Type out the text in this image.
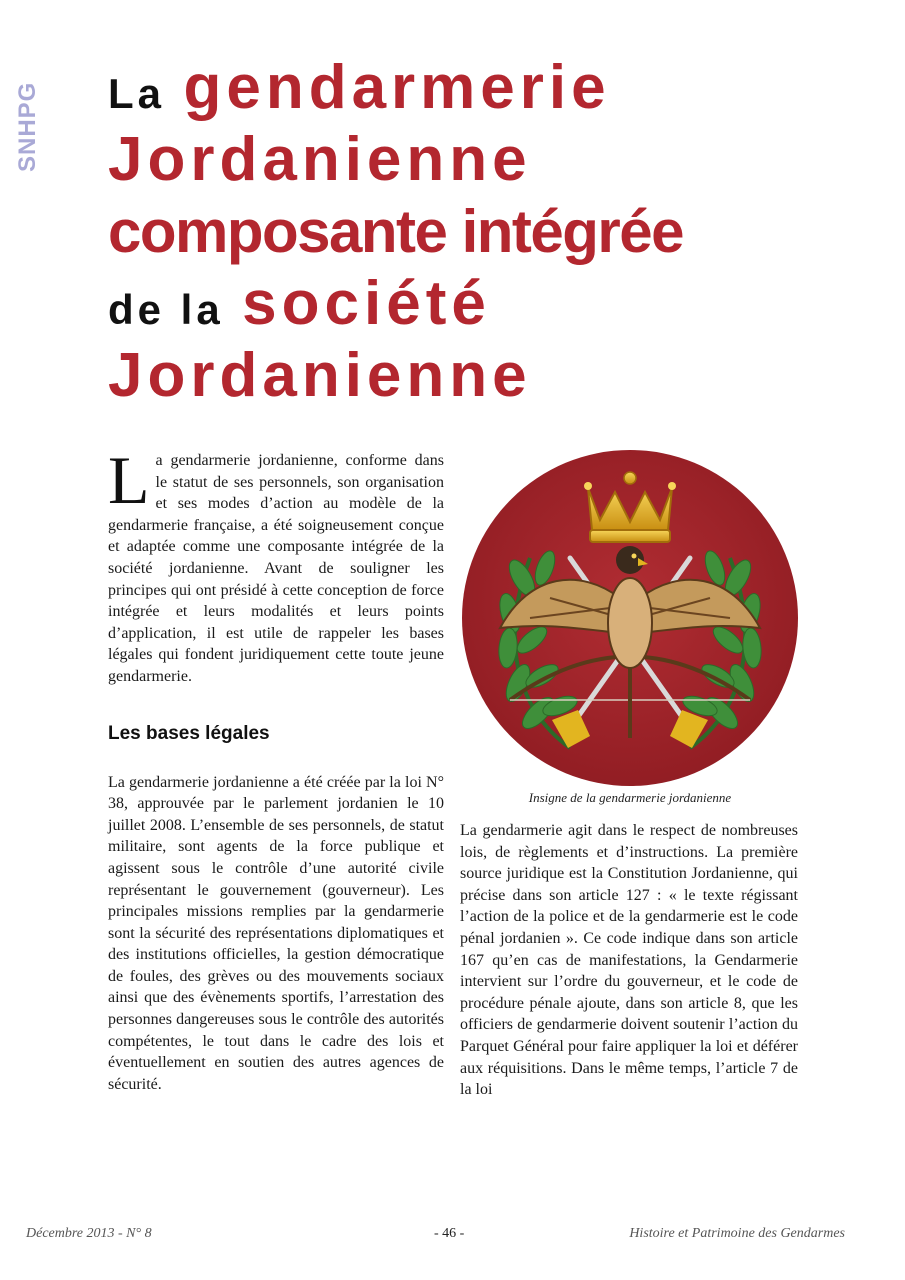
SNHPG La gendarmerie
Jordanienne
composante intégrée
de la société
Jordanienne

L a gendarmerie jordanienne, conforme dans le statut de ses personnels, son organisation et ses modes d’action au modèle de la gendarmerie française, a été soigneusement conçue et adaptée comme une composante intégrée de la société jordanienne. Avant de souligner les principes qui ont présidé à cette conception de force intégrée et leurs modalités et leurs points d’application, il est utile de rappeler les bases légales qui fondent juridiquement cette toute jeune gendarmerie.

Les bases légales

La gendarmerie jordanienne a été créée par la loi N° 38, approuvée par le parlement jordanien le 10 juillet 2008. L’ensemble de ses personnels, de statut militaire, sont agents de la force publique et agissent sous le contrôle d’une autorité civile représentant le gouvernement (gouverneur). Les principales missions remplies par la gendarmerie sont la sécurité des représentations diplomatiques et des institutions officielles, la gestion démocratique de foules, des grèves ou des mouvements sociaux ainsi que des évènements sportifs, l’arrestation des personnes dangereuses sous le contrôle des autorités compétentes, le tout dans le cadre des lois et éventuellement en soutien des autres agences de sécurité.

Insigne de la gendarmerie jordanienne

La gendarmerie agit dans le respect de nombreuses lois, de règlements et d’instructions. La première source juridique est la Constitution Jordanienne, qui précise dans son article 127 : « le texte régissant l’action de la police et de la gendarmerie est le code pénal jordanien ». Ce code indique dans son article 167 qu’en cas de manifestations, la Gendarmerie intervient sur l’ordre du gouverneur, et le code de procédure pénale ajoute, dans son article 8, que les officiers de gendarmerie doivent soutenir l’action du Parquet Général pour faire appliquer la loi et déférer aux réquisitions. Dans le même temps, l’article 7 de la loi

Décembre 2013 - N° 8	- 46 -	Histoire et Patrimoine des Gendarmes
